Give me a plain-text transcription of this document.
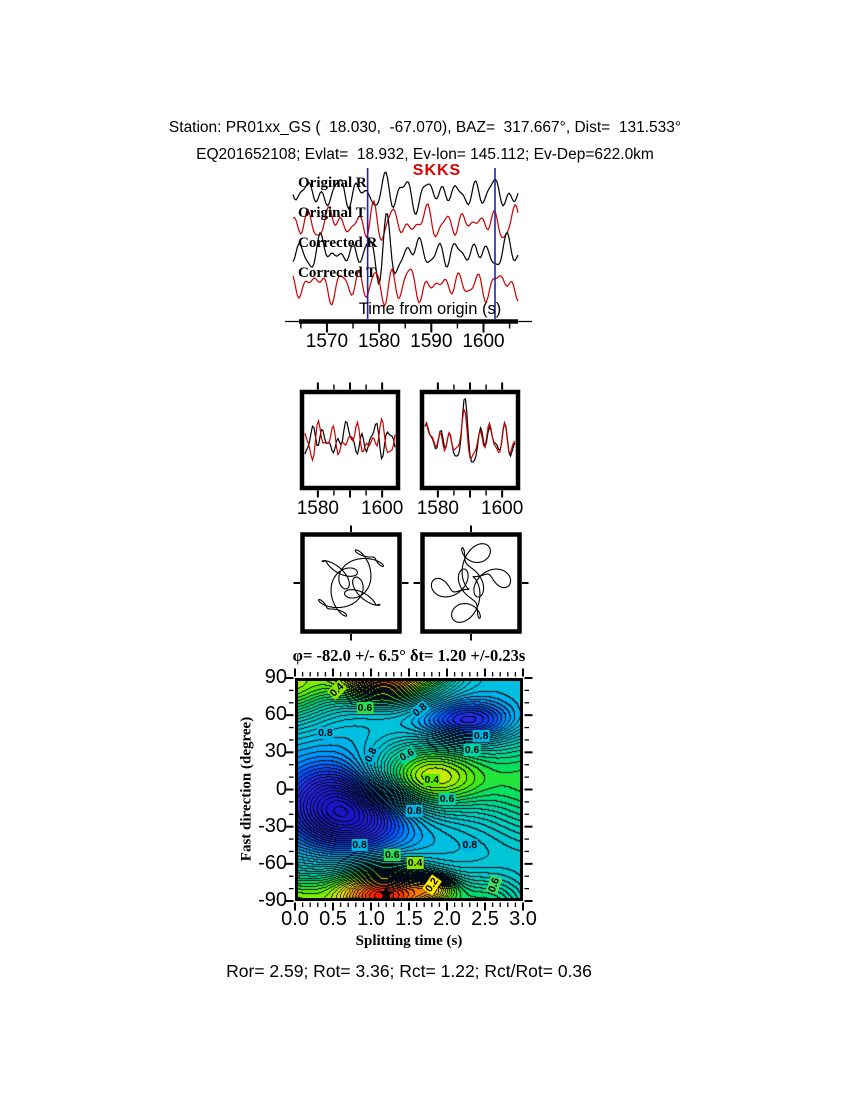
Station: PR01xx_GS (  18.030,  -67.070), BAZ=  317.667°, Dist=  131.533°
EQ201652108; Evlat=  18.932, Ev-lon= 145.112; Ev-Dep=622.0km
SKKS
Time from origin (s)
φ= -82.0 +/- 6.5° δt= 1.20 +/-0.23s
Fast direction (degree)
Splitting time (s)
Ror= 2.59; Rot= 3.36; Rct= 1.22; Rct/Rot= 0.36
Original R
Original T
Corrected R
Corrected T
1570 1580 1590 1600
1580 1600 1580 1600
0.0 0.5 1.0 1.5 2.0 2.5 3.0
90
60
30
0
-30
-60
-90
0.4
0.6
0.8
0.8
0.8
0.8 0.6	0.6
0.4
0.6
0.8
0.8	0.8
0.6
0.4
0.2	0.6
★
